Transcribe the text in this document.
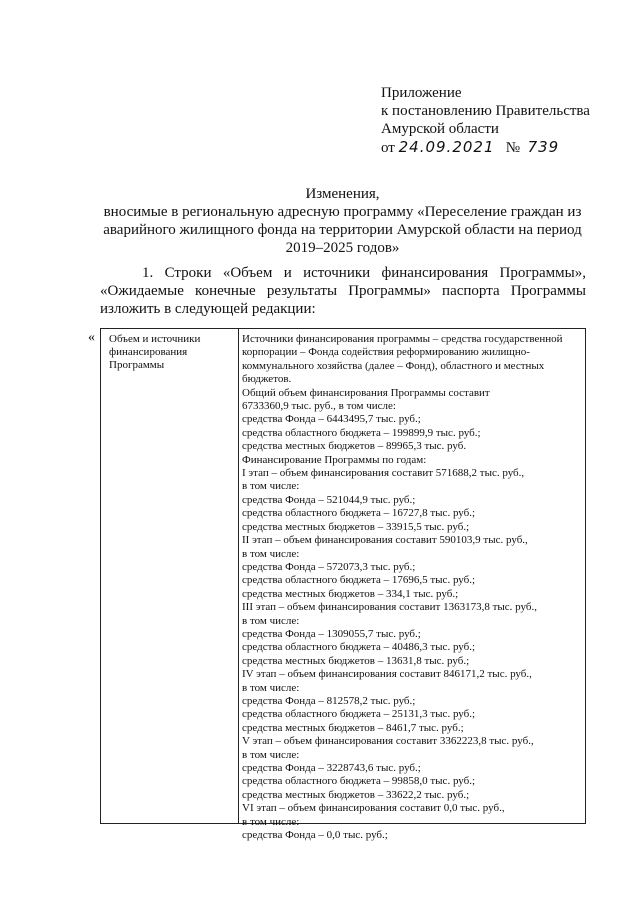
Приложение
к постановлению Правительства
Амурской области
от 24.09.2021 № 739
Изменения,
вносимые в региональную адресную программу «Переселение граждан из
аварийного жилищного фонда на территории Амурской области на период
2019–2025 годов»
1. Строки «Объем и источники финансирования Программы»,
«Ожидаемые конечные результаты Программы» паспорта Программы
изложить в следующей редакции:
« Объем и источники
финансирования
Программы
Источники финансирования программы – средства государственной
корпорации – Фонда содействия реформированию жилищно-
коммунального хозяйства (далее – Фонд), областного и местных
бюджетов.
Общий объем финансирования Программы составит
6733360,9 тыс. руб., в том числе:
средства Фонда – 6443495,7 тыс. руб.;
средства областного бюджета – 199899,9 тыс. руб.;
средства местных бюджетов – 89965,3 тыс. руб.
Финансирование Программы по годам:
I этап – объем финансирования составит 571688,2 тыс. руб.,
в том числе:
средства Фонда – 521044,9 тыс. руб.;
средства областного бюджета – 16727,8 тыс. руб.;
средства местных бюджетов – 33915,5 тыс. руб.;
II этап – объем финансирования составит 590103,9 тыс. руб.,
в том числе:
средства Фонда – 572073,3 тыс. руб.;
средства областного бюджета – 17696,5 тыс. руб.;
средства местных бюджетов – 334,1 тыс. руб.;
III этап – объем финансирования составит 1363173,8 тыс. руб.,
в том числе:
средства Фонда – 1309055,7 тыс. руб.;
средства областного бюджета – 40486,3 тыс. руб.;
средства местных бюджетов – 13631,8 тыс. руб.;
IV этап – объем финансирования составит 846171,2 тыс. руб.,
в том числе:
средства Фонда – 812578,2 тыс. руб.;
средства областного бюджета – 25131,3 тыс. руб.;
средства местных бюджетов – 8461,7 тыс. руб.;
V этап – объем финансирования составит 3362223,8 тыс. руб.,
в том числе:
средства Фонда – 3228743,6 тыс. руб.;
средства областного бюджета – 99858,0 тыс. руб.;
средства местных бюджетов – 33622,2 тыс. руб.;
VI этап – объем финансирования составит 0,0 тыс. руб.,
в том числе:
средства Фонда – 0,0 тыс. руб.;
